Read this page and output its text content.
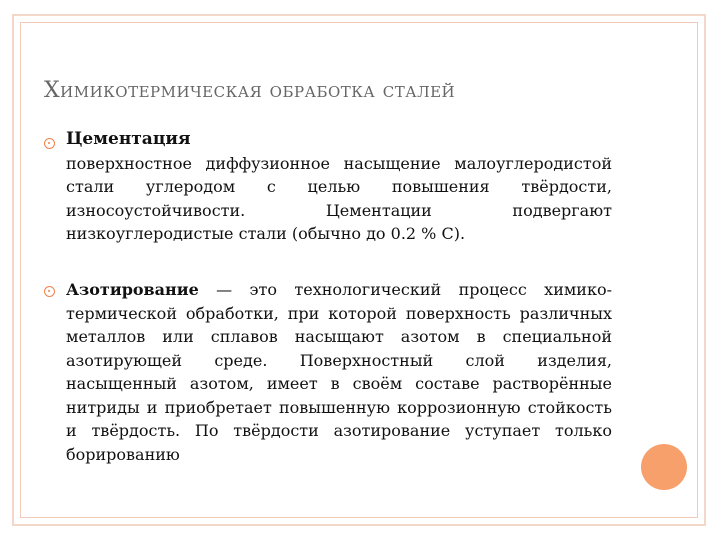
Химикотермическая обработка сталей
Цементация

поверхностное диффузионное насыщение малоуглеродистой стали углеродом с целью повышения твёрдости, износоустойчивости. Цементации подвергают низкоуглеродистые стали (обычно до 0.2 % С).

Азотирование — это технологический процесс химико-термической обработки, при которой поверхность различных металлов или сплавов насыщают азотом в специальной азотирующей среде. Поверхностный слой изделия, насыщенный азотом, имеет в своём составе растворённые нитриды и приобретает повышенную коррозионную стойкость и твёрдость. По твёрдости азотирование уступает только борированию
